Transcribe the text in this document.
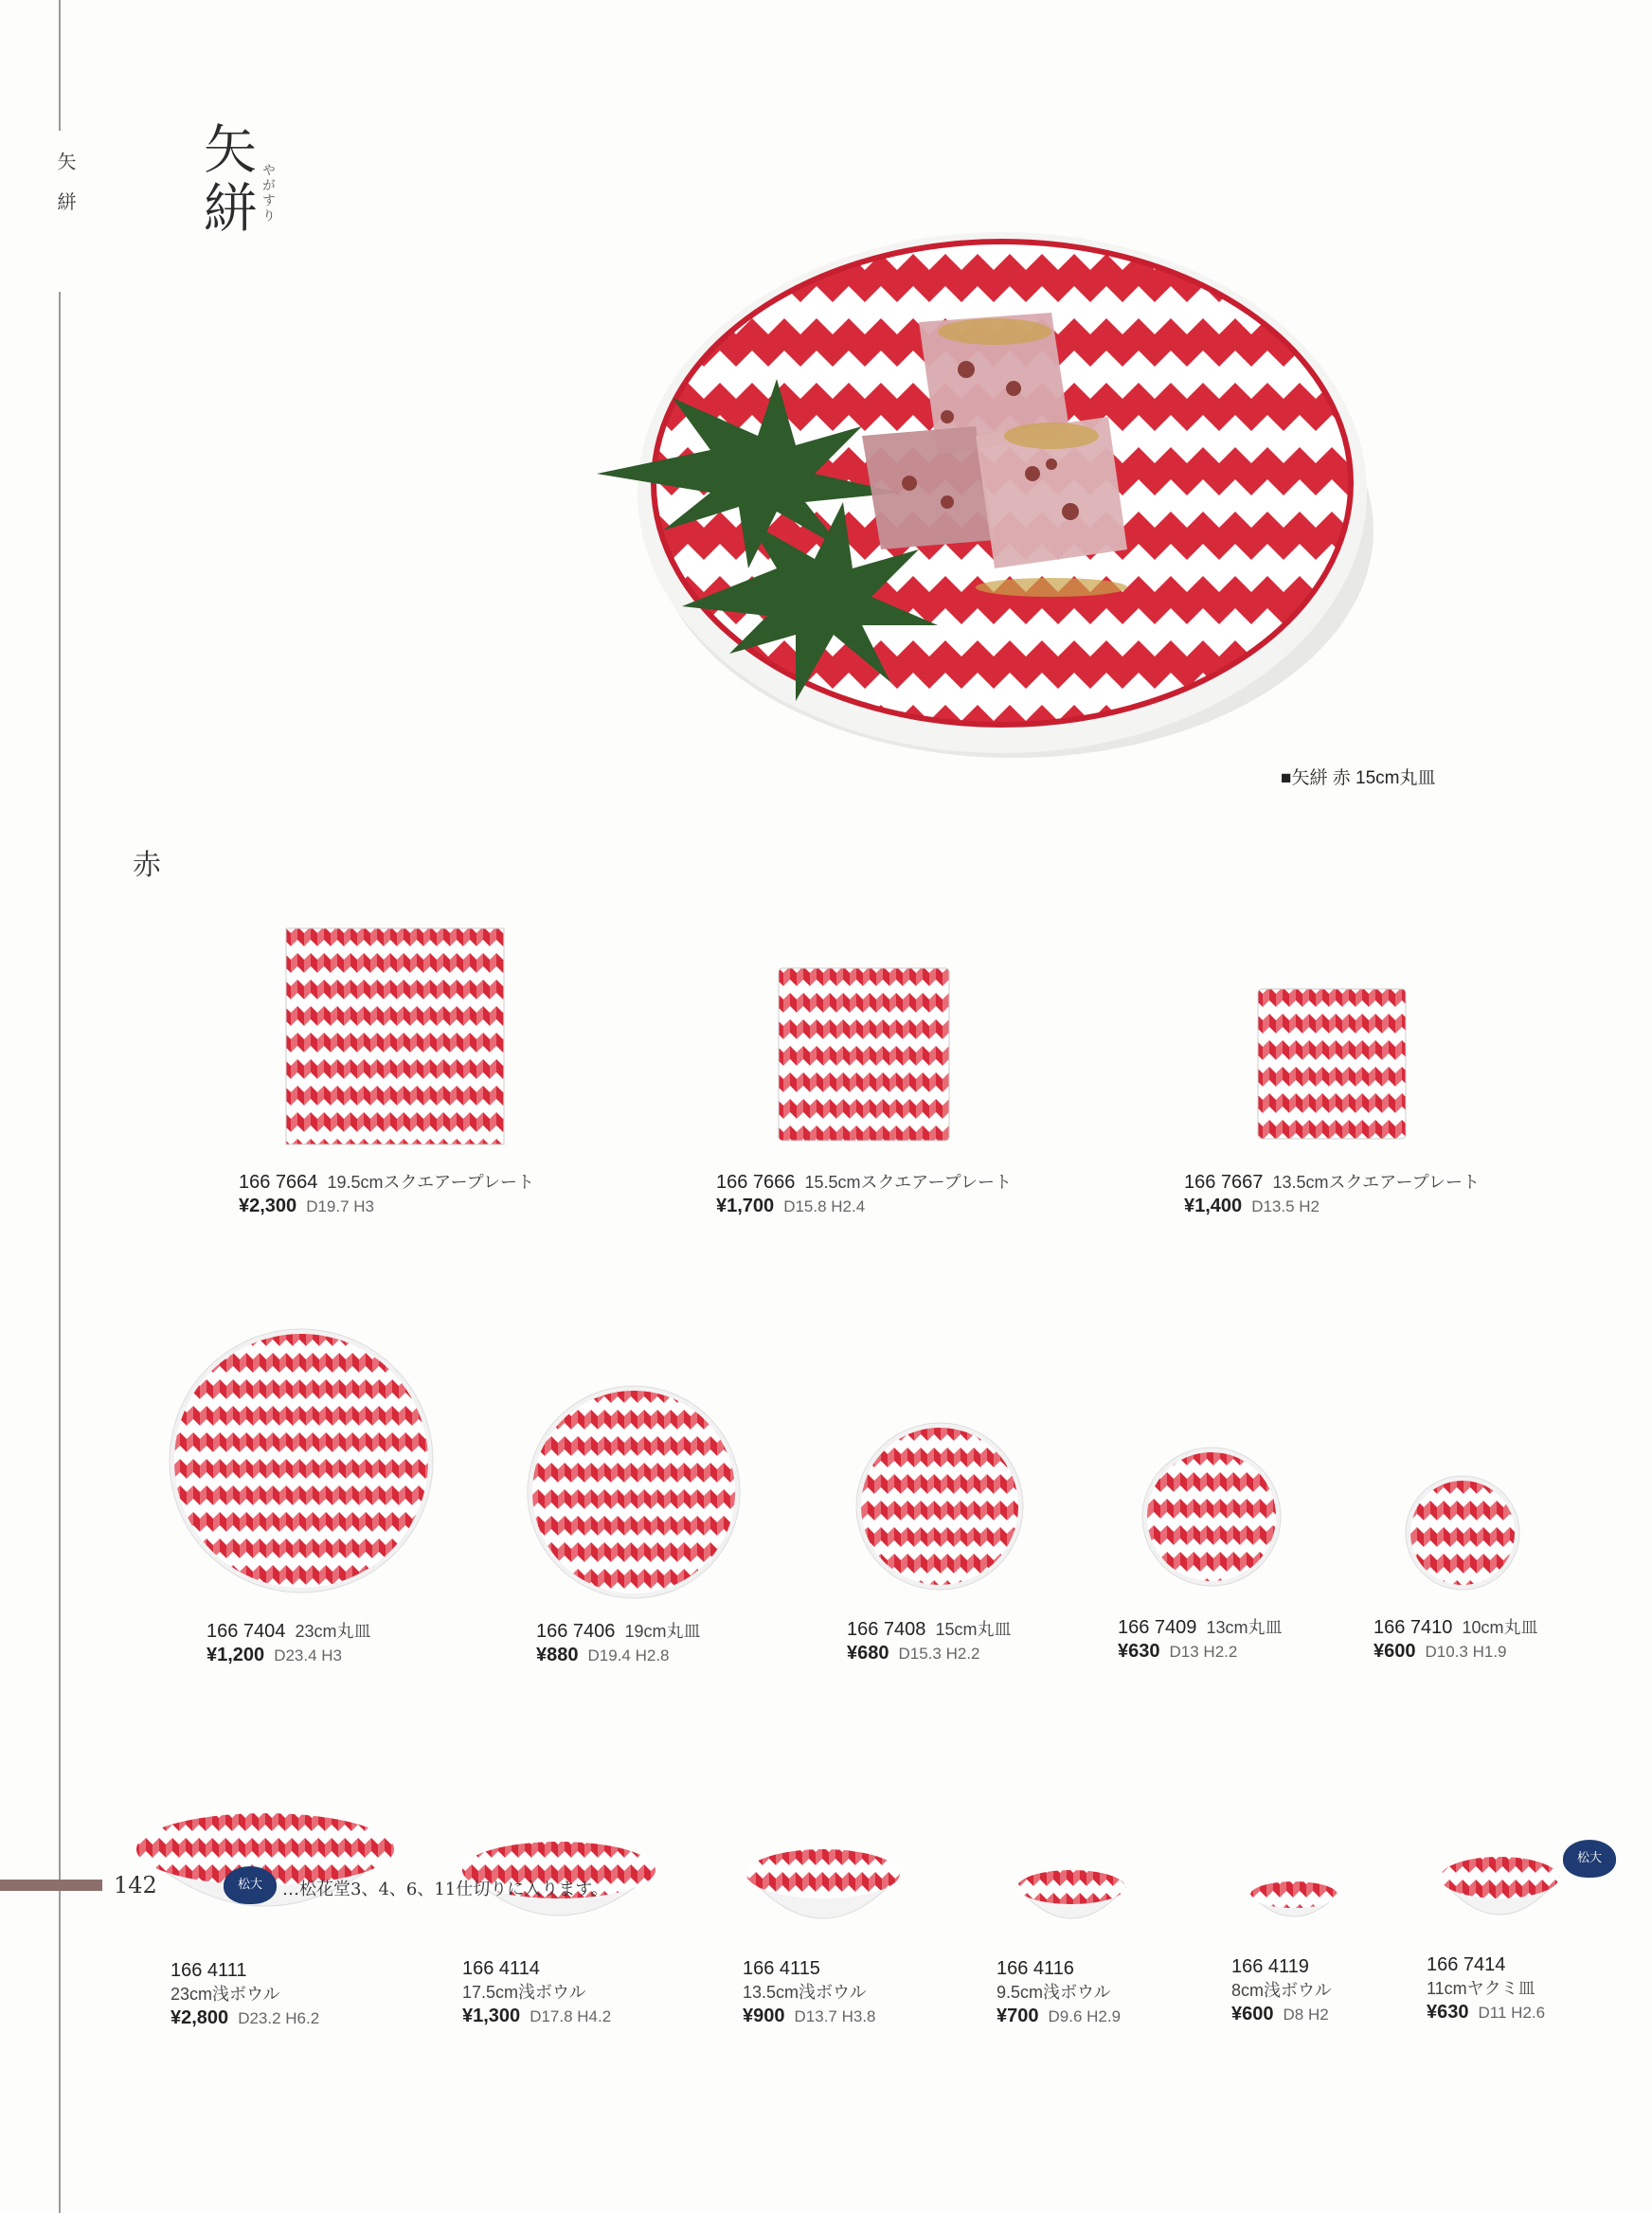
矢 絣 矢絣 やがすり
■矢絣 赤 15cm丸皿
赤
166 7664 19.5cmスクエアープレート
¥2,300 D19.7 H3
166 7666 15.5cmスクエアープレート
¥1,700 D15.8 H2.4
166 7667 13.5cmスクエアープレート
¥1,400 D13.5 H2
166 7404 23cm丸皿
¥1,200 D23.4 H3
166 7406 19cm丸皿
¥880 D19.4 H2.8
166 7408 15cm丸皿
¥680 D15.3 H2.2
166 7409 13cm丸皿
¥630 D13 H2.2
166 7410 10cm丸皿
¥600 D10.3 H1.9
松大
166 4111
23cm浅ボウル
¥2,800 D23.2 H6.2
166 4114
17.5cm浅ボウル
¥1,300 D17.8 H4.2
166 4115
13.5cm浅ボウル
¥900 D13.7 H3.8
166 4116
9.5cm浅ボウル
¥700 D9.6 H2.9
166 4119
8cm浅ボウル
¥600 D8 H2
166 7414
11cmヤクミ皿
¥630 D11 H2.6
142	松大	…松花堂3、4、6、11仕切りに入ります。
